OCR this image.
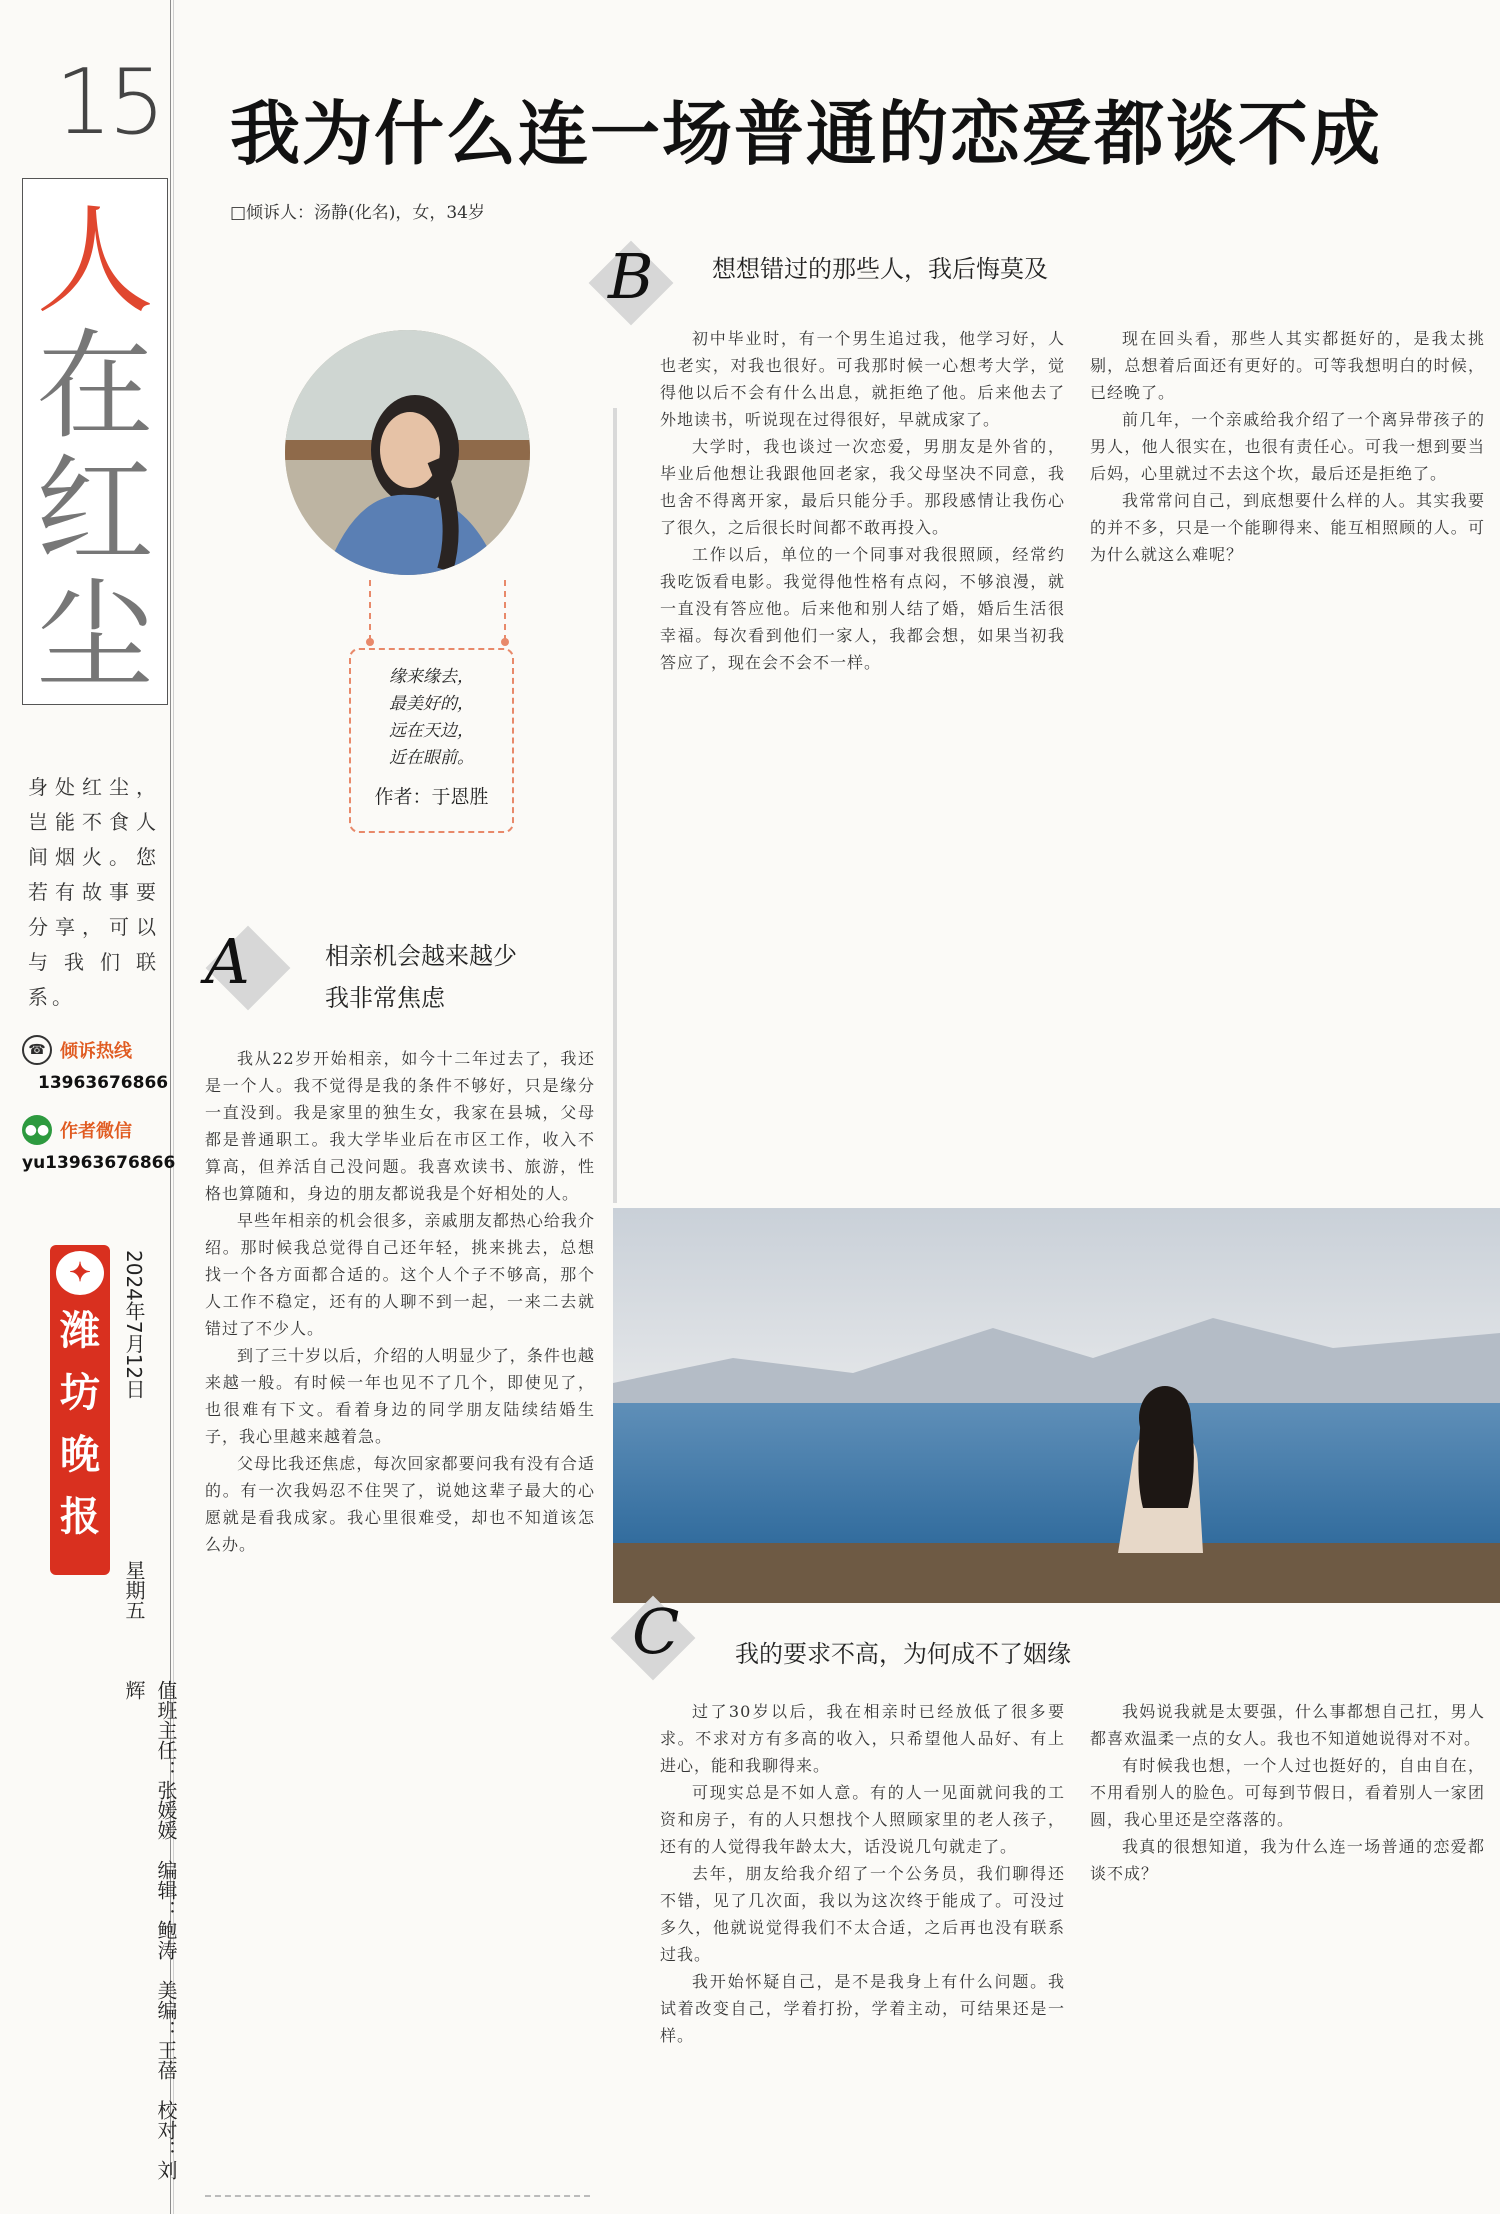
15
人
在
红
尘
身处红尘，岂能不食人间烟火。您若有故事要分享，可以与我们联系。
☎ 倾诉热线
13963676866
●● 作者微信
yu13963676866
✦
潍
坊
晚
报
2024年7月12日
星期五
值班主任：张媛媛　编辑：鲍涛　美编：王蓓　校对：刘辉
我为什么连一场普通的恋爱都谈不成
□倾诉人：汤静(化名)，女，34岁
缘来缘去，
最美好的，
远在天边，
近在眼前。
作者：于恩胜
A	相亲机会越来越少
我非常焦虑

我从22岁开始相亲，如今十二年过去了，我还是一个人。我不觉得是我的条件不够好，只是缘分一直没到。我是家里的独生女，我家在县城，父母都是普通职工。我大学毕业后在市区工作，收入不算高，但养活自己没问题。我喜欢读书、旅游，性格也算随和，身边的朋友都说我是个好相处的人。

早些年相亲的机会很多，亲戚朋友都热心给我介绍。那时候我总觉得自己还年轻，挑来挑去，总想找一个各方面都合适的。这个人个子不够高，那个人工作不稳定，还有的人聊不到一起，一来二去就错过了不少人。

到了三十岁以后，介绍的人明显少了，条件也越来越一般。有时候一年也见不了几个，即使见了，也很难有下文。看着身边的同学朋友陆续结婚生子，我心里越来越着急。

父母比我还焦虑，每次回家都要问我有没有合适的。有一次我妈忍不住哭了，说她这辈子最大的心愿就是看我成家。我心里很难受，却也不知道该怎么办。

B 想想错过的那些人，我后悔莫及

初中毕业时，有一个男生追过我，他学习好，人也老实，对我也很好。可我那时候一心想考大学，觉得他以后不会有什么出息，就拒绝了他。后来他去了外地读书，听说现在过得很好，早就成家了。

大学时，我也谈过一次恋爱，男朋友是外省的，毕业后他想让我跟他回老家，我父母坚决不同意，我也舍不得离开家，最后只能分手。那段感情让我伤心了很久，之后很长时间都不敢再投入。

工作以后，单位的一个同事对我很照顾，经常约我吃饭看电影。我觉得他性格有点闷，不够浪漫，就一直没有答应他。后来他和别人结了婚，婚后生活很幸福。每次看到他们一家人，我都会想，如果当初我答应了，现在会不会不一样。

现在回头看，那些人其实都挺好的，是我太挑剔，总想着后面还有更好的。可等我想明白的时候，已经晚了。

前几年，一个亲戚给我介绍了一个离异带孩子的男人，他人很实在，也很有责任心。可我一想到要当后妈，心里就过不去这个坎，最后还是拒绝了。

我常常问自己，到底想要什么样的人。其实我要的并不多，只是一个能聊得来、能互相照顾的人。可为什么就这么难呢？

C 我的要求不高，为何成不了姻缘

过了30岁以后，我在相亲时已经放低了很多要求。不求对方有多高的收入，只希望他人品好、有上进心，能和我聊得来。

可现实总是不如人意。有的人一见面就问我的工资和房子，有的人只想找个人照顾家里的老人孩子，还有的人觉得我年龄太大，话没说几句就走了。

去年，朋友给我介绍了一个公务员，我们聊得还不错，见了几次面，我以为这次终于能成了。可没过多久，他就说觉得我们不太合适，之后再也没有联系过我。

我开始怀疑自己，是不是我身上有什么问题。我试着改变自己，学着打扮，学着主动，可结果还是一样。

我妈说我就是太要强，什么事都想自己扛，男人都喜欢温柔一点的女人。我也不知道她说得对不对。

有时候我也想，一个人过也挺好的，自由自在，不用看别人的脸色。可每到节假日，看着别人一家团圆，我心里还是空落落的。

我真的很想知道，我为什么连一场普通的恋爱都谈不成？
